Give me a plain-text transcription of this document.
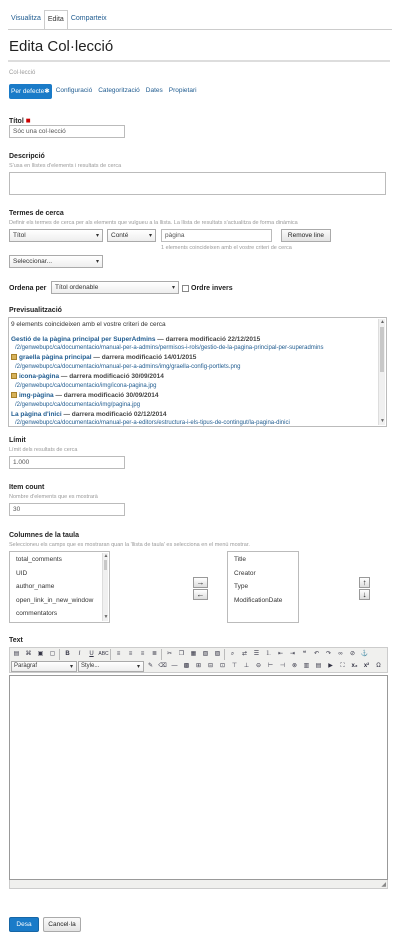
Visualitza	Edita	Comparteix
Edita Col·lecció
Col·lecció
Per defecte✱ Configuració Categorització Dates Propietari
Títol ■
Sóc una col·lecció
Descripció
S'usa en llistes d'elements i resultats de cerca
Termes de cerca
Definir els termes de cerca per als elements que vulgueu a la llista. La llista de resultats s'actualitza de forma dinàmica
Títol	▾	Conté	▾	pàgina	Remove line
1 elements coincideixen amb el vostre criteri de cerca
Seleccionar...	▾
Ordena per	Títol ordenable	▾ Ordre invers
Previsualització
9 elements coincideixen amb el vostre criteri de cerca
Gestió de la pàgina principal per SuperAdmins — darrera modificació 22/12/2015
/2/genwebupc/ca/documentacio/manual-per-a-admins/permisos-i-rols/gestio-de-la-pagina-principal-per-superadmins
graella pàgina principal — darrera modificació 14/01/2015
/2/genwebupc/ca/documentacio/manual-per-a-admins/img/graella-config-portlets.png
icona-pàgina — darrera modificació 30/09/2014
/2/genwebupc/ca/documentacio/img/icona-pagina.jpg
img-pàgina — darrera modificació 30/09/2014
/2/genwebupc/ca/documentacio/img/pagina.jpg
La pàgina d'inici — darrera modificació 02/12/2014
/2/genwebupc/ca/documentacio/manual-per-a-editors/estructura-i-els-tipus-de-contingut/la-pagina-dinici
▲
▼
Límit
Límit dels resultats de cerca
1.000
Item count
Nombre d'elements que es mostrarà
30
Columnes de la taula
Seleccioneu els camps que es mostraran quan la 'llista de taula' es selecciona en el menú mostrar.
total_comments
UID
author_name
open_link_in_new_window
commentators
▲
▼
→
←
Title
Creator
Type
ModificationDate
↑
↓
Text
▤	⌘	▣	▢	B	I	U ABC	≡	≡	≡	≣	✂	❐	▦	▧	▨	⌕	⇄	☰	⒈	⇤	⇥	❝	↶	↷	∞	⊘ ⚓
Paràgraf	▾	Style...	▾	✎ ⌫ ―	▩	⊞	⊟	⊡	⊤	⊥	⊖	⊢	⊣	⊗	▥	▤	▶	⛶	x₂	x²	Ω
◢
Desa	Cancel·la
